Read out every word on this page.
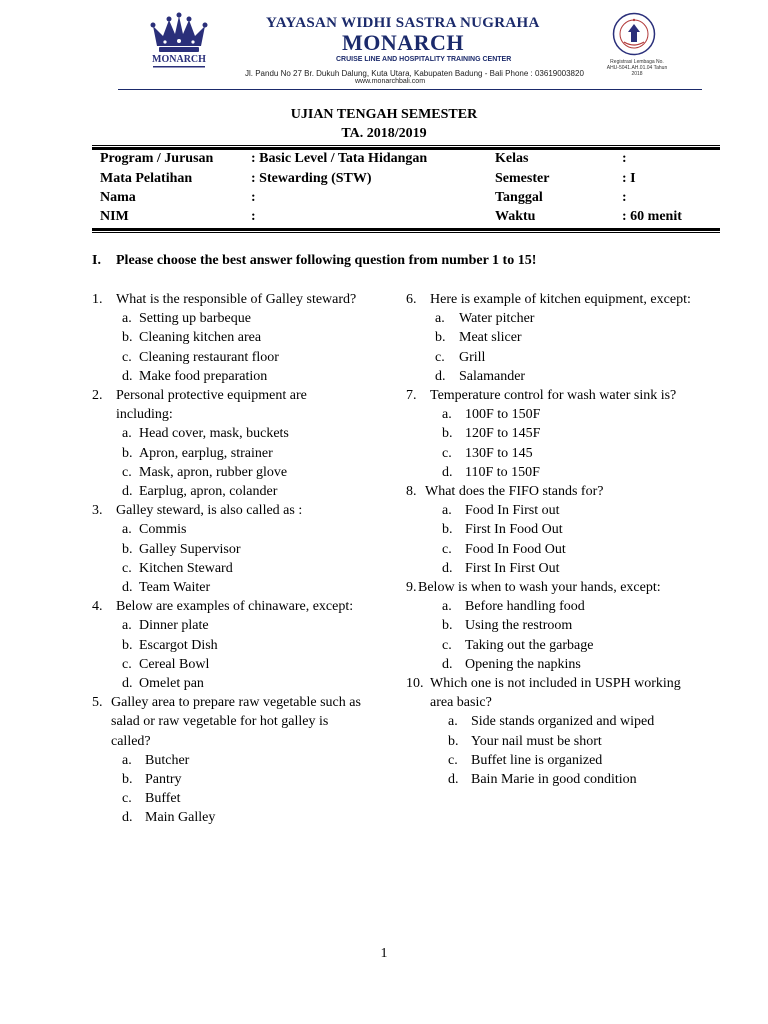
MONARCH
YAYASAN WIDHI SASTRA NUGRAHA
MONARCH
CRUISE LINE AND HOSPITALITY TRAINING CENTER
Jl. Pandu No 27 Br. Dukuh Dalung, Kuta Utara, Kabupaten Badung - Bali Phone : 03619003820
www.monarchbali.com
Registrasi Lembaga No. AHU-5041.AH.01.04 Tahun 2018
UJIAN TENGAH SEMESTER
TA. 2018/2019
Program / Jurusan	: Basic Level / Tata Hidangan	Kelas	:
Mata Pelatihan	: Stewarding (STW)	Semester	: I
Nama	:	Tanggal	:
NIM	:	Waktu	: 60 menit
I. Please choose the best answer following question from number 1 to 15!
1. What is the responsible of Galley steward?
a. Setting up barbeque
b. Cleaning kitchen area
c. Cleaning restaurant floor
d. Make food preparation
2. Personal protective equipment are including:
a. Head cover, mask, buckets
b. Apron, earplug, strainer
c. Mask, apron, rubber glove
d. Earplug, apron, colander
3. Galley steward, is also called as :
a. Commis
b. Galley Supervisor
c. Kitchen Steward
d. Team Waiter
4. Below are examples of chinaware, except:
a. Dinner plate
b. Escargot Dish
c. Cereal Bowl
d. Omelet pan
5. Galley area to prepare raw vegetable such as salad or raw vegetable for hot galley is called?
a. Butcher
b. Pantry
c. Buffet
d. Main Galley
6. Here is example of kitchen equipment, except:
a.	Water pitcher
b. Meat slicer
c.	Grill
d. Salamander
7. Temperature control for wash water sink is?
a. 100F to 150F
b. 120F to 145F
c. 130F to 145
d. 110F to 150F
8. What does the FIFO stands for?
a. Food In First out
b. First In Food Out
c. Food In Food Out
d. First In First Out
9. Below is when to wash your hands, except:
a. Before handling food
b. Using the restroom
c. Taking out the garbage
d. Opening the napkins
10. Which one is not included in USPH working area basic?
a. Side stands organized and wiped
b. Your nail must be short
c. Buffet line is organized
d. Bain Marie in good condition
1
